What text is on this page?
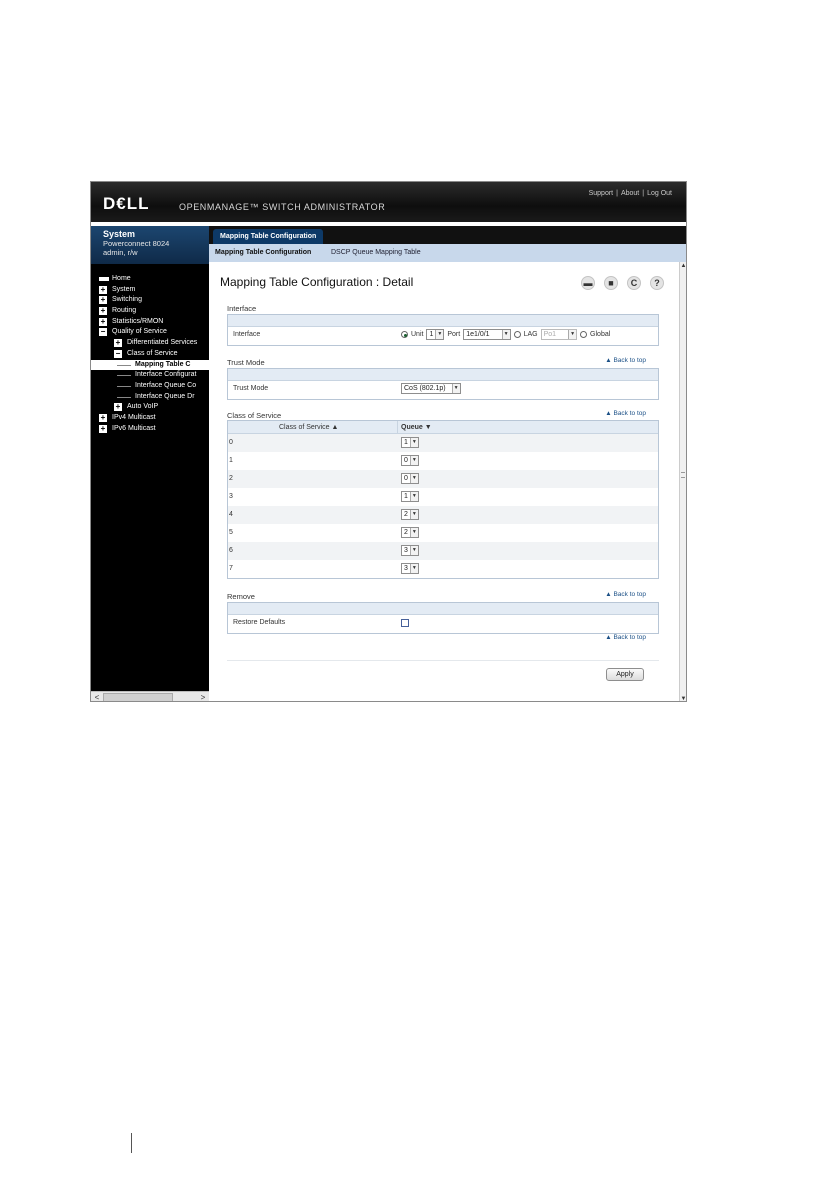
D€LL	OPENMANAGE™ SWITCH ADMINISTRATOR
Support | About | Log Out
System
Powerconnect 8024
admin, r/w
Home
+ System
+ Switching
+ Routing
+ Statistics/RMON
− Quality of Service
+ Differentiated Services
− Class of Service
Mapping Table C
Interface Configurat
Interface Queue Co
Interface Queue Dr
+ Auto VoIP
+ IPv4 Multicast
+ IPv6 Multicast
<	>
Mapping Table Configuration
Mapping Table Configuration	DSCP Queue Mapping Table
Mapping Table Configuration : Detail	▬	■	C	?
Interface
Interface	Unit 1 ▼ Port 1e1/0/1	▼ LAG Po1	▼ Global
Trust Mode	▲ Back to top
Trust Mode	CoS (802.1p)	▼
Class of Service	▲ Back to top
Class of Service ▲	Queue ▼
0	1 ▼
1	0 ▼
2	0 ▼
3	1 ▼
4	2 ▼
5	2 ▼
6	3 ▼
7	3 ▼
Remove	▲ Back to top
Restore Defaults
▲ Back to top
Apply
▲
▼
